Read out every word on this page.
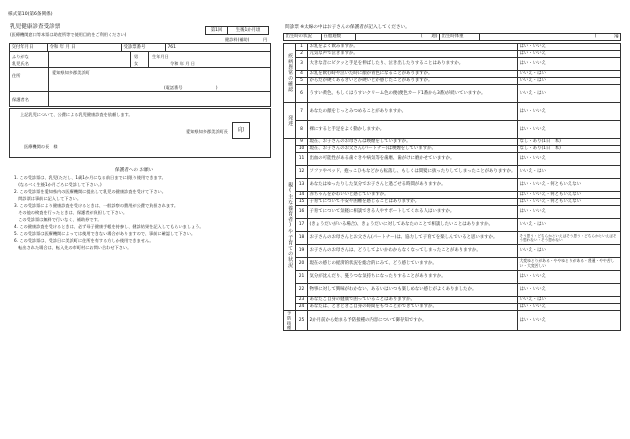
様式第10(第6条関係)
乳児健康診査受診票
(医療機関窓口等本票は助産所等で使用目的をご利用ください)
第1回	生後1か月頃
健診料(補助)	円
交付年月日	令和 年 月 日	受診票番号	761
ふりがな
乳児氏名
男
女
生年月日
令和 年 月 日
住所
愛知県知多郡美浜町
(電話番号　　　　　　　　)
保護者名
上記乳児について、公費による乳児健康診査を依頼します。
愛知県知多郡美浜町長	印
医療機関の長　様
保護者への お願い
1. この受診票は、乳児(ただし、1歳1か月になる前日までに)限り使用できます。
　(なるべく生後1か月ごろに受診して下さい。)
2. この受診票を愛知県内の医療機関に提出して乳児の健康診査を受けて下さい。
　問診票は事前に記入して下さい。
3. この受診票により健康診査を受けるときは、一般診察の費用が公費で負担されます。
　その他の検査を行ったときは、保護者が負担して下さい。
　この受診票は無料で行いなく、補助券です。
4. この健康診査を受けるときは、必ず母子健康手帳を持参し、健診結果を記入してもらいましょう。
5. この受診票は医療機関によっては使用できない場合がありますので、事前に確認して下さい。
6. この受診票は、受診日に美浜町に住所を有する方しか使用できません。
　転出された場合は、転入先の市町村にお問い合わせ下さい。
問診票 ※太線の中はお子さんの保護者が記入してください。
出生時の状況	在胎週数	(　　週)	出生時体重	(　　　　)g
疾病異常の確認	1	お乳をよく飲みますか。	はい・いいえ
	2	元気な声で泣きますか。	はい・いいえ
	3	大きな音にビクッと手足を伸ばしたり、泣き出したりすることはありますか。	はい・いいえ
	4	お乳を飲む時や泣いた時に顔が青色になることがありますか。	いいえ・はい
	5	からだが硬くあるきいとか硬いとか感じたことがありますか。	いいえ・はい
	6	うすい黄色、もしくはうすいクリーム色の便(便色カード1番から3番)が続いていますか。	いいえ・はい
発達	7	あなたの顔をじっとみつめることがありますか。	はい・いいえ
	8	裸にすると手足をよく動かしますか。	はい・いいえ
親(主な養育者)や子育ての状況	9	現在、お子さんのお母さんは喫煙をしていますか。	なし・あり(1日　本)
	10	現在、お子さんのお父さん(パートナー)は喫煙をしていますか。	なし・あり(1日　本)
	11	出血の可能性がある歯ぐきや病気等を歯磨、歯がけに磨かせていますか。	はい・いいえ
	12	ソファやベッド、抱っこひもなどから転落し、もしくは間髪に抜ったりしてしまったことがありますか。	いいえ・はい
	13	あなたはゆったりした気分でお子さんと過ごせる時間がありますか。	はい・いいえ・何ともいえない
	14	赤ちゃんをかわいいと感じていますか。	はい・いいえ・何ともいえない
	15	子育てについて不安や困難を感じることはありますか。	はい・いいえ・何ともいえない
	16	子育てについて気軽に相談できる人やサポートしてくれる人はいますか。	はい・いいえ
	17	(きょうだいがいる場合)、きょうだいに対してあなたのことで相談したいことはありますか。	いいえ・はい
	18	お子さんのお母さんとお父さん(パートナー)は、協力して子育てを楽しんでいると思いますか。	そう思う・どちらかといえばそう思う・どちらかといえばそう思わない・そう思わない
	19	お子さんのお母さんは、どうしてよいかわからなくなってしまったことがありますか。	いいえ・はい
	20	現在の感じの経済的状況を総合的にみて、どう感じていますか。	大変ゆとりがある・ややゆとりがある・普通・やや苦しい・大変苦しい
	21	気分が沈んだり、憂うつな気持ちになったりすることがありますか。	はい・いいえ
	22	物事に対して興味がわかない、あるいはいつも楽しめない感じがよくありましたか。	はい・いいえ
	23	あなたご自身の健康で困っていることはありますか。	いいえ・はい
	24	あなたは、ときどきご自身の時間をもつことができていますか。	はい・いいえ
予防接種	25	2か月前から始まる予防接種の内容について御存知ですか。	はい・いいえ
